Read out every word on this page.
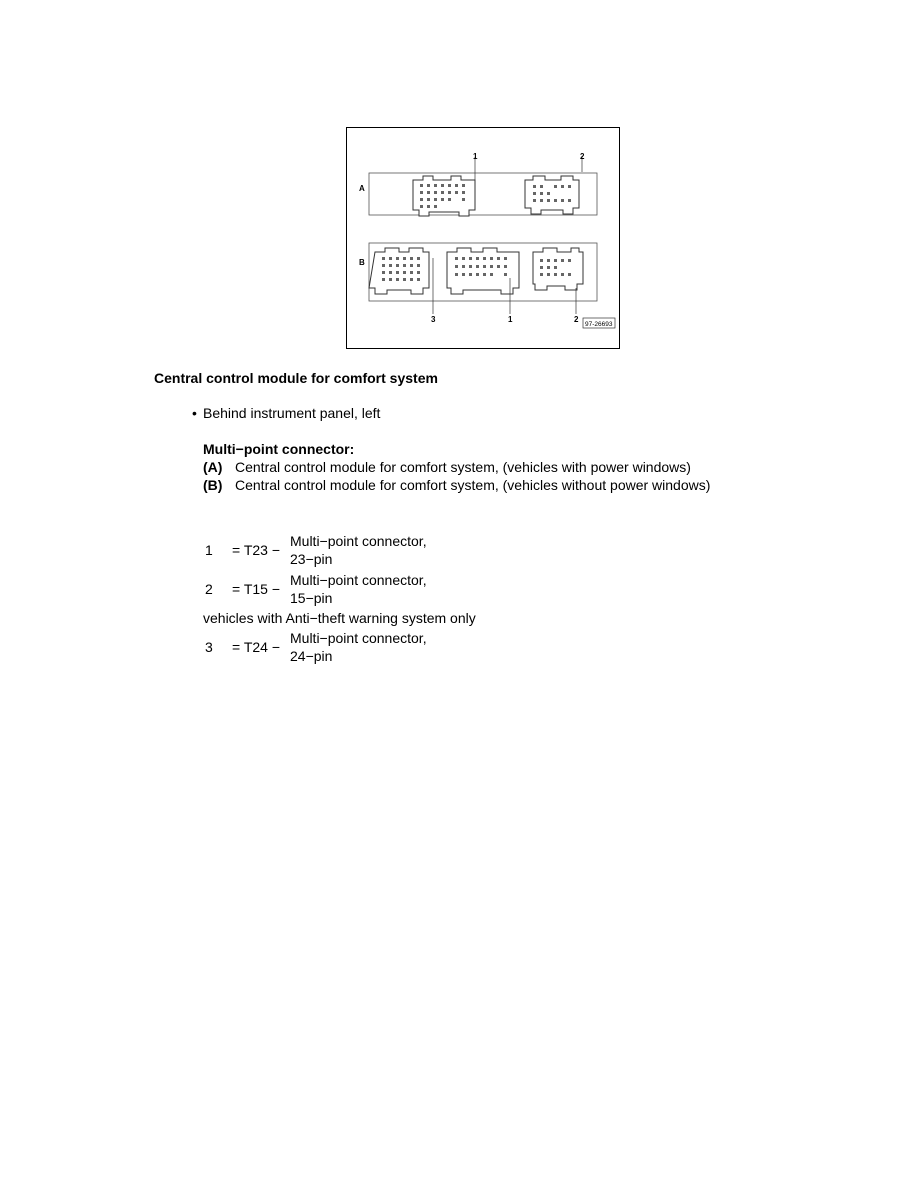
A
B
1	2
3	1	2
97-26693
Central control module for comfort system
• Behind instrument panel, left
Multi−point connector:
(A) Central control module for comfort system, (vehicles with power windows)
(B) Central control module for comfort system, (vehicles without power windows)
1 = T23 −
Multi−point connector,
23−pin
2 = T15 −
Multi−point connector,
15−pin
vehicles with Anti−theft warning system only
3 = T24 −
Multi−point connector,
24−pin
